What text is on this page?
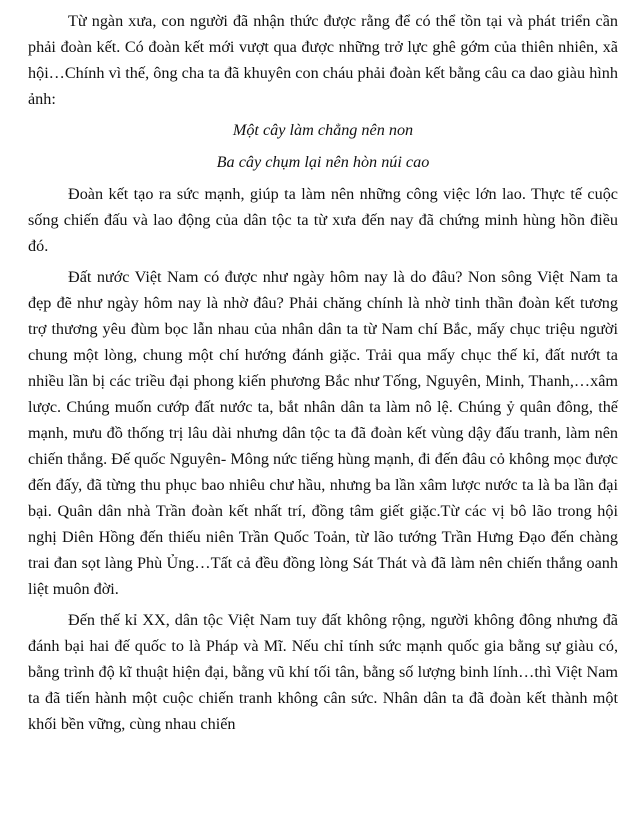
Từ ngàn xưa, con người đã nhận thức được rằng để có thể tồn tại và phát triển cần phải đoàn kết. Có đoàn kết mới vượt qua được những trở lực ghê gớm của thiên nhiên, xã hội…Chính vì thế, ông cha ta đã khuyên con cháu phải đoàn kết bằng câu ca dao giàu hình ảnh:

Một cây làm chẳng nên non

Ba cây chụm lại nên hòn núi cao

Đoàn kết tạo ra sức mạnh, giúp ta làm nên những công việc lớn lao. Thực tế cuộc sống chiến đấu và lao động của dân tộc ta từ xưa đến nay đã chứng minh hùng hồn điều đó.

Đất nước Việt Nam có được như ngày hôm nay là do đâu? Non sông Việt Nam ta đẹp đẽ như ngày hôm nay là nhờ đâu? Phải chăng chính là nhờ tinh thần đoàn kết tương trợ thương yêu đùm bọc lẫn nhau của nhân dân ta từ Nam chí Bắc, mấy chục triệu người chung một lòng, chung một chí hướng đánh giặc. Trải qua mấy chục thế kỉ, đất nướt ta nhiều lần bị các triều đại phong kiến phương Bắc như Tống, Nguyên, Minh, Thanh,…xâm lược. Chúng muốn cướp đất nước ta, bắt nhân dân ta làm nô lệ. Chúng ỷ quân đông, thế mạnh, mưu đồ thống trị lâu dài nhưng dân tộc ta đã đoàn kết vùng dậy đấu tranh, làm nên chiến thắng. Đế quốc Nguyên- Mông nức tiếng hùng mạnh, đi đến đâu cỏ không mọc được đến đấy, đã từng thu phục bao nhiêu chư hầu, nhưng ba lần xâm lược nước ta là ba lần đại bại. Quân dân nhà Trần đoàn kết nhất trí, đồng tâm giết giặc.Từ các vị bô lão trong hội nghị Diên Hồng đến thiếu niên Trần Quốc Toản, từ lão tướng Trần Hưng Đạo đến chàng trai đan sọt làng Phù Ủng…Tất cả đều đồng lòng Sát Thát và đã làm nên chiến thắng oanh liệt muôn đời.

Đến thế kỉ XX, dân tộc Việt Nam tuy đất không rộng, người không đông nhưng đã đánh bại hai đế quốc to là Pháp và Mĩ. Nếu chỉ tính sức mạnh quốc gia bằng sự giàu có, bằng trình độ kĩ thuật hiện đại, bằng vũ khí tối tân, bằng số lượng binh lính…thì Việt Nam ta đã tiến hành một cuộc chiến tranh không cân sức. Nhân dân ta đã đoàn kết thành một khối bền vững, cùng nhau chiến
